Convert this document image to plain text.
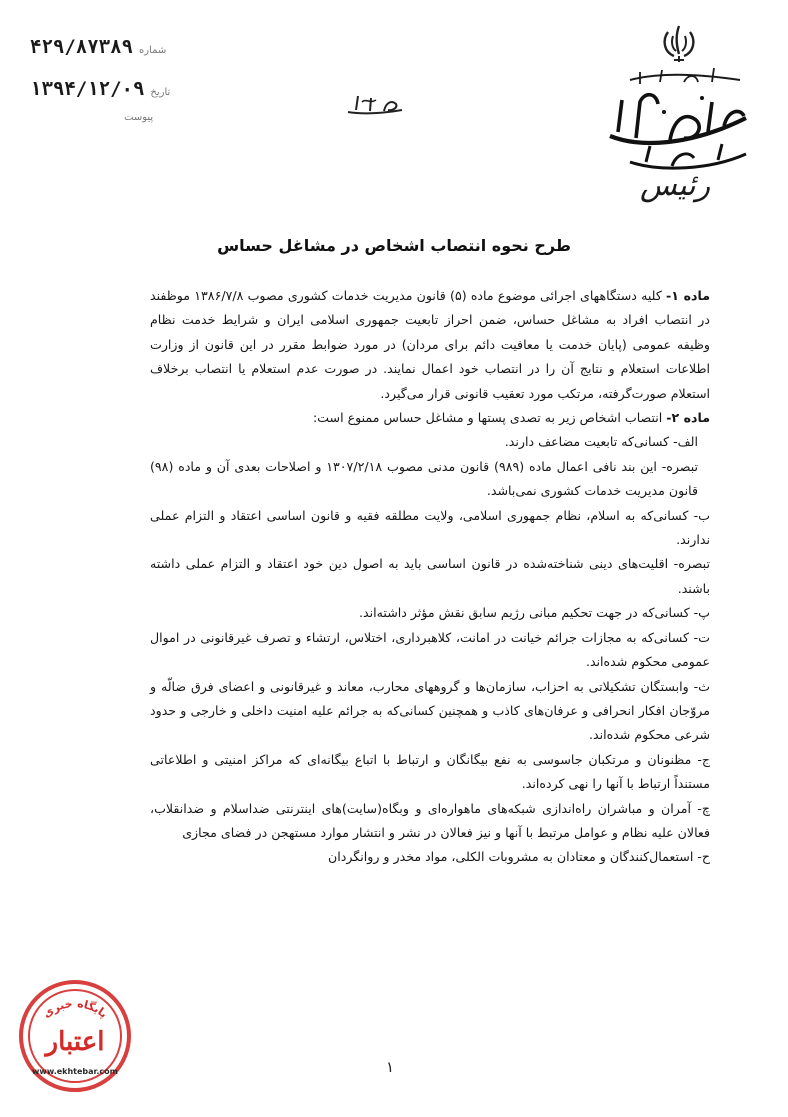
شماره
۴۲۹/۸۷۳۸۹
تاریخ
۱۳۹۴/۱۲/۰۹
پیوست
رئیس
طرح نحوه انتصاب اشخاص در مشاغل حساس

ماده ۱- کلیه دستگاههای اجرائی موضوع ماده (۵) قانون مدیریت خدمات کشوری مصوب ۱۳۸۶/۷/۸ موظفند در انتصاب افراد به مشاغل حساس، ضمن احراز تابعیت جمهوری اسلامی ایران و شرایط خدمت نظام وظیفه عمومی (پایان خدمت یا معافیت دائم برای مردان) در مورد ضوابط مقرر در این قانون از وزارت اطلاعات استعلام و نتایج آن را در انتصاب خود اعمال نمایند. در صورت عدم استعلام یا انتصاب برخلاف استعلام صورت‌گرفته، مرتکب مورد تعقیب قانونی قرار می‌گیرد.

ماده ۲- انتصاب اشخاص زیر به تصدی پستها و مشاغل حساس ممنوع است:

الف- کسانی‌که تابعیت مضاعف دارند.

تبصره- این بند نافی اعمال ماده (۹۸۹) قانون مدنی مصوب ۱۳۰۷/۲/۱۸ و اصلاحات بعدی آن و ماده (۹۸) قانون مدیریت خدمات کشوری نمی‌باشد.

ب- کسانی‌که به اسلام، نظام جمهوری اسلامی، ولایت مطلقه فقیه و قانون اساسی اعتقاد و التزام عملی ندارند.

تبصره- اقلیت‌های دینی شناخته‌شده در قانون اساسی باید به اصول دین خود اعتقاد و التزام عملی داشته باشند.

پ- کسانی‌که در جهت تحکیم مبانی رژیم سابق نقش مؤثر داشته‌اند.

ت- کسانی‌که به مجازات جرائم خیانت در امانت، کلاهبرداری، اختلاس، ارتشاء و تصرف غیرقانونی در اموال عمومی محکوم شده‌اند.

ث- وابستگان تشکیلاتی به احزاب، سازمان‌ها و گروههای محارب، معاند و غیرقانونی و اعضای فرق ضالّه و مروّجان افکار انحرافی و عرفان‌های کاذب و همچنین کسانی‌که به جرائم علیه امنیت داخلی و خارجی و حدود شرعی محکوم شده‌اند.

ج- مظنونان و مرتکبان جاسوسی به نفع بیگانگان و ارتباط با اتباع بیگانه‌ای که مراکز امنیتی و اطلاعاتی مستنداً ارتباط با آنها را نهی کرده‌اند.

چ- آمران و مباشران راه‌اندازی شبکه‌های ماهواره‌ای و وبگاه(سایت)های اینترنتی ضداسلام و ضدانقلاب، فعالان علیه نظام و عوامل مرتبط با آنها و نیز فعالان در نشر و انتشار موارد مستهجن در فضای مجازی

ح- استعمال‌کنندگان و معتادان به مشروبات الکلی، مواد مخدر و روانگردان

۱
پایگاه خبری
اعتبار
www.ekhtebar.com
